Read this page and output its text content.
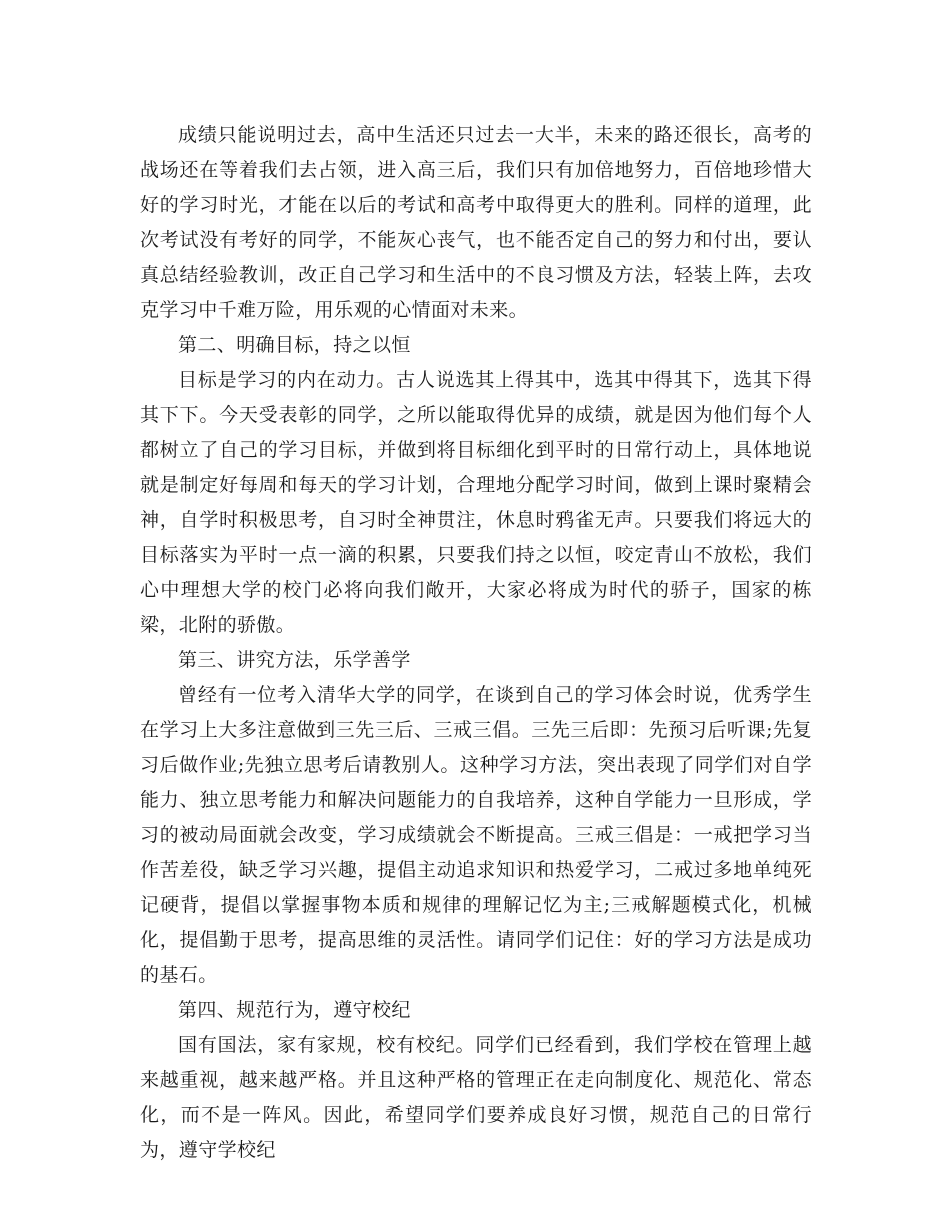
成绩只能说明过去，高中生活还只过去一大半，未来的路还很长，高考的战场还在等着我们去占领，进入高三后，我们只有加倍地努力，百倍地珍惜大好的学习时光，才能在以后的考试和高考中取得更大的胜利。同样的道理，此次考试没有考好的同学，不能灰心丧气，也不能否定自己的努力和付出，要认真总结经验教训，改正自己学习和生活中的不良习惯及方法，轻装上阵，去攻克学习中千难万险，用乐观的心情面对未来。

第二、明确目标，持之以恒

目标是学习的内在动力。古人说选其上得其中，选其中得其下，选其下得其下下。今天受表彰的同学，之所以能取得优异的成绩，就是因为他们每个人都树立了自己的学习目标，并做到将目标细化到平时的日常行动上，具体地说就是制定好每周和每天的学习计划，合理地分配学习时间，做到上课时聚精会神，自学时积极思考，自习时全神贯注，休息时鸦雀无声。只要我们将远大的目标落实为平时一点一滴的积累，只要我们持之以恒，咬定青山不放松，我们心中理想大学的校门必将向我们敞开，大家必将成为时代的骄子，国家的栋梁，北附的骄傲。

第三、讲究方法，乐学善学

曾经有一位考入清华大学的同学，在谈到自己的学习体会时说，优秀学生在学习上大多注意做到三先三后、三戒三倡。三先三后即：先预习后听课;先复习后做作业;先独立思考后请教别人。这种学习方法，突出表现了同学们对自学能力、独立思考能力和解决问题能力的自我培养，这种自学能力一旦形成，学习的被动局面就会改变，学习成绩就会不断提高。三戒三倡是：一戒把学习当作苦差役，缺乏学习兴趣，提倡主动追求知识和热爱学习，二戒过多地单纯死记硬背，提倡以掌握事物本质和规律的理解记忆为主;三戒解题模式化，机械化，提倡勤于思考，提高思维的灵活性。请同学们记住：好的学习方法是成功的基石。

第四、规范行为，遵守校纪

国有国法，家有家规，校有校纪。同学们已经看到，我们学校在管理上越来越重视，越来越严格。并且这种严格的管理正在走向制度化、规范化、常态化，而不是一阵风。因此，希望同学们要养成良好习惯，规范自己的日常行为，遵守学校纪
